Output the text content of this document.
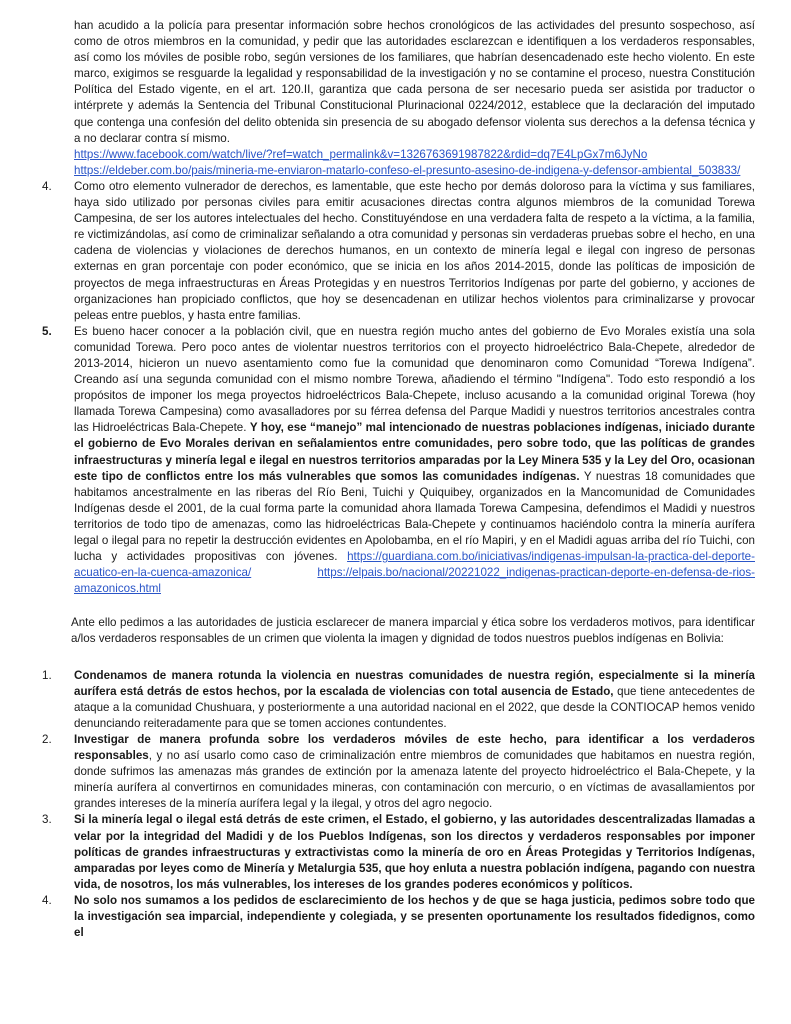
han acudido a la policía para presentar información sobre hechos cronológicos de las actividades del presunto sospechoso, así como de otros miembros en la comunidad, y pedir que las autoridades esclarezcan e identifiquen a los verdaderos responsables, así como los móviles de posible robo, según versiones de los familiares, que habrían desencadenado este hecho violento. En este marco, exigimos se resguarde la legalidad y responsabilidad de la investigación y no se contamine el proceso, nuestra Constitución Política del Estado vigente, en el art. 120.II, garantiza que cada persona de ser necesario pueda ser asistida por traductor o intérprete y además la Sentencia del Tribunal Constitucional Plurinacional 0224/2012, establece que la declaración del imputado que contenga una confesión del delito obtenida sin presencia de su abogado defensor violenta sus derechos a la defensa técnica y a no declarar contra sí mismo.

https://www.facebook.com/watch/live/?ref=watch_permalink&v=1326763691987822&rdid=dq7E4LpGx7m6JyNo
https://eldeber.com.bo/pais/mineria-me-enviaron-matarlo-confeso-el-presunto-asesino-de-indigena-y-defensor-ambiental_503833/

4. Como otro elemento vulnerador de derechos, es lamentable, que este hecho por demás doloroso para la víctima y sus familiares, haya sido utilizado por personas civiles para emitir acusaciones directas contra algunos miembros de la comunidad Torewa Campesina, de ser los autores intelectuales del hecho. Constituyéndose en una verdadera falta de respeto a la víctima, a la familia, re victimizándolas, así como de criminalizar señalando a otra comunidad y personas sin verdaderas pruebas sobre el hecho, en una cadena de violencias y violaciones de derechos humanos, en un contexto de minería legal e ilegal con ingreso de personas externas en gran porcentaje con poder económico, que se inicia en los años 2014-2015, donde las políticas de imposición de proyectos de mega infraestructuras en Áreas Protegidas y en nuestros Territorios Indígenas por parte del gobierno, y acciones de organizaciones han propiciado conflictos, que hoy se desencadenan en utilizar hechos violentos para criminalizarse y provocar peleas entre pueblos, y hasta entre familias.

5. Es bueno hacer conocer a la población civil, que en nuestra región mucho antes del gobierno de Evo Morales existía una sola comunidad Torewa. Pero poco antes de violentar nuestros territorios con el proyecto hidroeléctrico Bala-Chepete, alrededor de 2013-2014, hicieron un nuevo asentamiento como fue la comunidad que denominaron como Comunidad “Torewa Indígena”. Creando así una segunda comunidad con el mismo nombre Torewa, añadiendo el término "Indígena". Todo esto respondió a los propósitos de imponer los mega proyectos hidroeléctricos Bala-Chepete, incluso acusando a la comunidad original Torewa (hoy llamada Torewa Campesina) como avasalladores por su férrea defensa del Parque Madidi y nuestros territorios ancestrales contra las Hidroeléctricas Bala-Chepete. Y hoy, ese “manejo” mal intencionado de nuestras poblaciones indígenas, iniciado durante el gobierno de Evo Morales derivan en señalamientos entre comunidades, pero sobre todo, que las políticas de grandes infraestructuras y minería legal e ilegal en nuestros territorios amparadas por la Ley Minera 535 y la Ley del Oro, ocasionan este tipo de conflictos entre los más vulnerables que somos las comunidades indígenas. Y nuestras 18 comunidades que habitamos ancestralmente en las riberas del Río Beni, Tuichi y Quiquibey, organizados en la Mancomunidad de Comunidades Indígenas desde el 2001, de la cual forma parte la comunidad ahora llamada Torewa Campesina, defendimos el Madidi y nuestros territorios de todo tipo de amenazas, como las hidroeléctricas Bala-Chepete y continuamos haciéndolo contra la minería aurífera legal o ilegal para no repetir la destrucción evidentes en Apolobamba, en el río Mapiri, y en el Madidi aguas arriba del río Tuichi, con lucha y actividades propositivas con jóvenes. https://guardiana.com.bo/iniciativas/indigenas-impulsan-la-practica-del-deporte-acuatico-en-la-cuenca-amazonica/	https://elpais.bo/nacional/20221022_indigenas-practican-deporte-en-defensa-de-rios-amazonicos.html

Ante ello pedimos a las autoridades de justicia esclarecer de manera imparcial y ética sobre los verdaderos motivos, para identificar a/los verdaderos responsables de un crimen que violenta la imagen y dignidad de todos nuestros pueblos indígenas en Bolivia:

1. Condenamos de manera rotunda la violencia en nuestras comunidades de nuestra región, especialmente si la minería aurífera está detrás de estos hechos, por la escalada de violencias con total ausencia de Estado, que tiene antecedentes de ataque a la comunidad Chushuara, y posteriormente a una autoridad nacional en el 2022, que desde la CONTIOCAP hemos venido denunciando reiteradamente para que se tomen acciones contundentes.

2. Investigar de manera profunda sobre los verdaderos móviles de este hecho, para identificar a los verdaderos responsables, y no así usarlo como caso de criminalización entre miembros de comunidades que habitamos en nuestra región, donde sufrimos las amenazas más grandes de extinción por la amenaza latente del proyecto hidroeléctrico el Bala-Chepete, y la minería aurífera al convertirnos en comunidades mineras, con contaminación con mercurio, o en víctimas de avasallamientos por grandes intereses de la minería aurífera legal y la ilegal, y otros del agro negocio.

3. Si la minería legal o ilegal está detrás de este crimen, el Estado, el gobierno, y las autoridades descentralizadas llamadas a velar por la integridad del Madidi y de los Pueblos Indígenas, son los directos y verdaderos responsables por imponer políticas de grandes infraestructuras y extractivistas como la minería de oro en Áreas Protegidas y Territorios Indígenas, amparadas por leyes como de Minería y Metalurgia 535, que hoy enluta a nuestra población indígena, pagando con nuestra vida, de nosotros, los más vulnerables, los intereses de los grandes poderes económicos y políticos.

4. No solo nos sumamos a los pedidos de esclarecimiento de los hechos y de que se haga justicia, pedimos sobre todo que la investigación sea imparcial, independiente y colegiada, y se presenten oportunamente los resultados fidedignos, como el
